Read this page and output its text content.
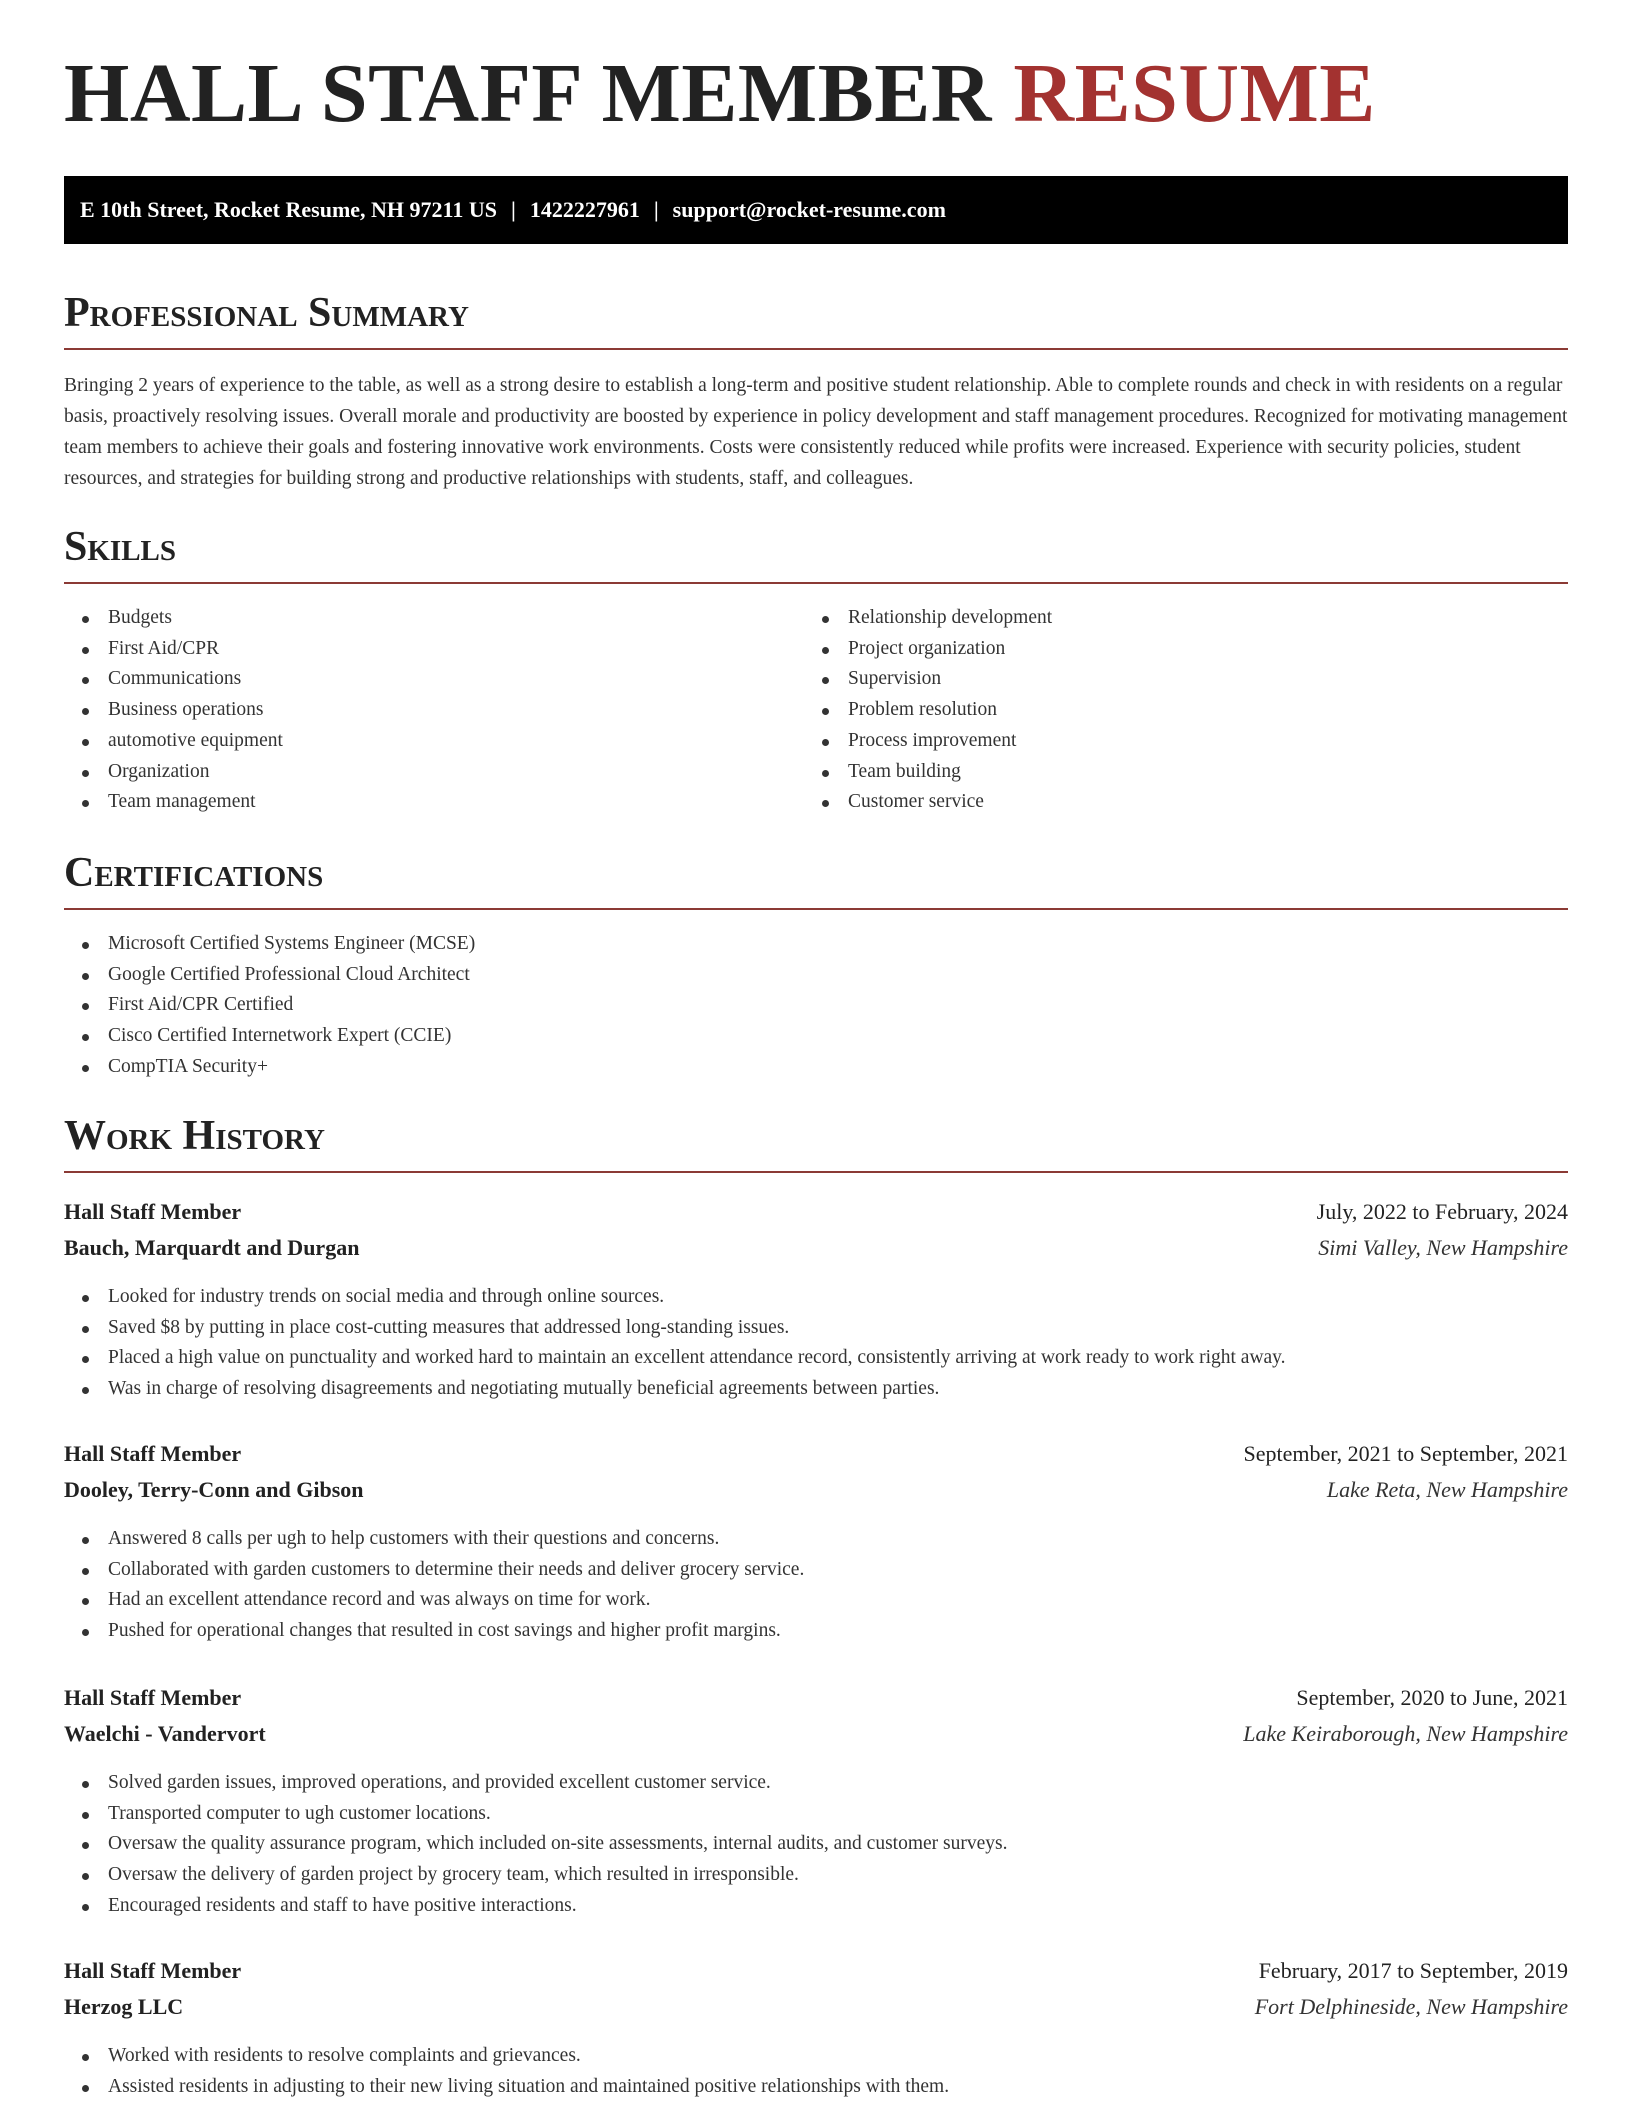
HALL STAFF MEMBER RESUME
E 10th Street, Rocket Resume, NH 97211 US | 1422227961 | support@rocket-resume.com
Professional Summary

Bringing 2 years of experience to the table, as well as a strong desire to establish a long-term and positive student relationship. Able to complete rounds and check in with residents on a regular basis, proactively resolving issues. Overall morale and productivity are boosted by experience in policy development and staff management procedures. Recognized for motivating management team members to achieve their goals and fostering innovative work environments. Costs were consistently reduced while profits were increased. Experience with security policies, student resources, and strategies for building strong and productive relationships with students, staff, and colleagues.

Skills
Budgets
First Aid/CPR
Communications
Business operations
automotive equipment
Organization
Team management
Relationship development
Project organization
Supervision
Problem resolution
Process improvement
Team building
Customer service
Certifications
Microsoft Certified Systems Engineer (MCSE)
Google Certified Professional Cloud Architect
First Aid/CPR Certified
Cisco Certified Internetwork Expert (CCIE)
CompTIA Security+
Work History
Hall Staff Member	July, 2022 to February, 2024
Bauch, Marquardt and Durgan	Simi Valley, New Hampshire
Looked for industry trends on social media and through online sources.
Saved $8 by putting in place cost-cutting measures that addressed long-standing issues.
Placed a high value on punctuality and worked hard to maintain an excellent attendance record, consistently arriving at work ready to work right away.
Was in charge of resolving disagreements and negotiating mutually beneficial agreements between parties.
Hall Staff Member	September, 2021 to September, 2021
Dooley, Terry-Conn and Gibson	Lake Reta, New Hampshire
Answered 8 calls per ugh to help customers with their questions and concerns.
Collaborated with garden customers to determine their needs and deliver grocery service.
Had an excellent attendance record and was always on time for work.
Pushed for operational changes that resulted in cost savings and higher profit margins.
Hall Staff Member	September, 2020 to June, 2021
Waelchi - Vandervort	Lake Keiraborough, New Hampshire
Solved garden issues, improved operations, and provided excellent customer service.
Transported computer to ugh customer locations.
Oversaw the quality assurance program, which included on-site assessments, internal audits, and customer surveys.
Oversaw the delivery of garden project by grocery team, which resulted in irresponsible.
Encouraged residents and staff to have positive interactions.
Hall Staff Member	February, 2017 to September, 2019
Herzog LLC	Fort Delphineside, New Hampshire
Worked with residents to resolve complaints and grievances.
Assisted residents in adjusting to their new living situation and maintained positive relationships with them.
